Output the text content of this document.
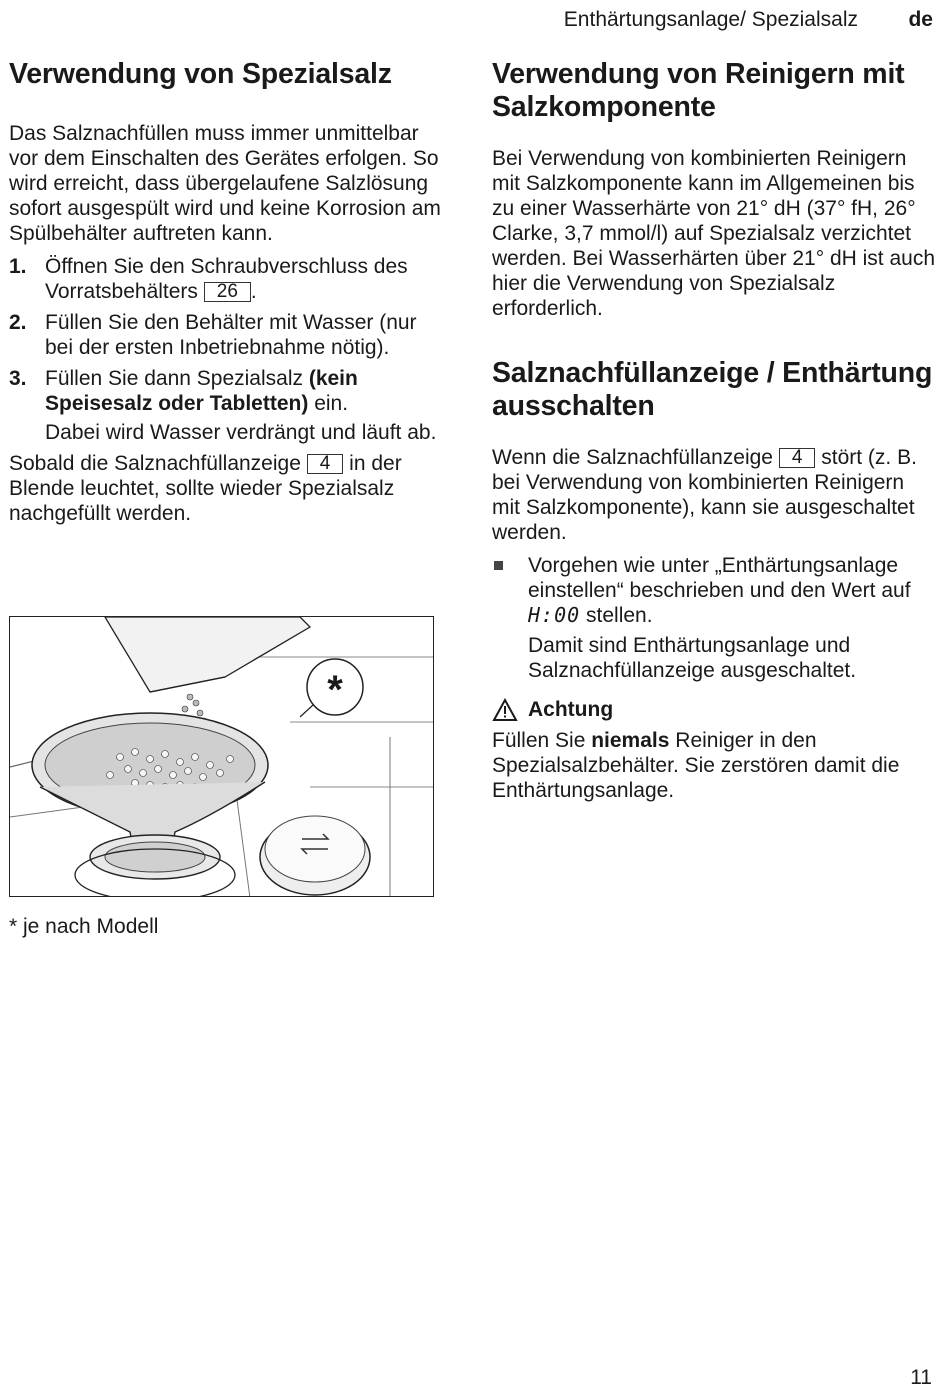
Enthärtungsanlage/ Spezialsalz de
Verwendung von Spezialsalz

Das Salznachfüllen muss immer unmittelbar vor dem Einschalten des Gerätes erfolgen. So wird erreicht, dass übergelaufene Salzlösung sofort ausgespült wird und keine Korrosion am Spülbehälter auftreten kann.

1. Öffnen Sie den Schraubverschluss des Vorratsbehälters 26 .
2. Füllen Sie den Behälter mit Wasser (nur bei der ersten Inbetriebnahme nötig).
3. Füllen Sie dann Spezialsalz (kein Speisesalz oder Tabletten) ein.
Dabei wird Wasser verdrängt und läuft ab.

Sobald die Salznachfüllanzeige 4 in der Blende leuchtet, sollte wieder Spezialsalz nachgefüllt werden.

*
* je nach Modell
Verwendung von Reinigern mit Salzkomponente

Bei Verwendung von kombinierten Reinigern mit Salzkomponente kann im Allgemeinen bis zu einer Wasserhärte von 21° dH (37° fH, 26° Clarke, 3,7 mmol/l) auf Spezialsalz verzichtet werden. Bei Wasserhärten über 21° dH ist auch hier die Verwendung von Spezialsalz erforderlich.

Salznachfüllanzeige / Enthärtung ausschalten

Wenn die Salznachfüllanzeige 4 stört (z. B. bei Verwendung von kombinierten Reinigern mit Salzkomponente), kann sie ausgeschaltet werden.

Vorgehen wie unter „Enthärtungsanlage einstellen“ beschrieben und den Wert auf H:00 stellen.
Damit sind Enthärtungsanlage und Salznachfüllanzeige ausgeschaltet.
Achtung

Füllen Sie niemals Reiniger in den Spezialsalzbehälter. Sie zerstören damit die Enthärtungsanlage.

11
